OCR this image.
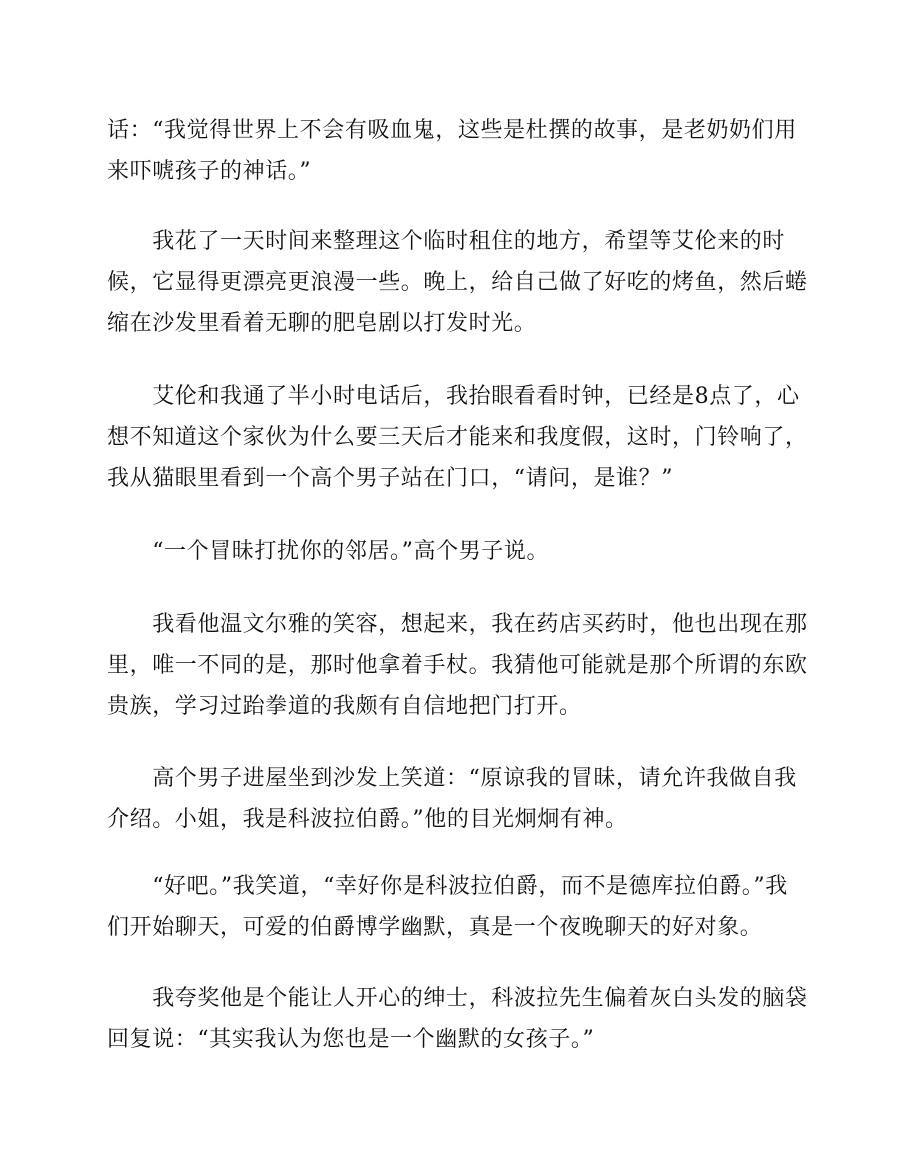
话：“我觉得世界上不会有吸血鬼，这些是杜撰的故事，是老奶奶们用
来吓唬孩子的神话。”

　　我花了一天时间来整理这个临时租住的地方，希望等艾伦来的时
候，它显得更漂亮更浪漫一些。晚上，给自己做了好吃的烤鱼，然后蜷
缩在沙发里看着无聊的肥皂剧以打发时光。

　　艾伦和我通了半小时电话后，我抬眼看看时钟，已经是8点了，心
想不知道这个家伙为什么要三天后才能来和我度假，这时，门铃响了，
我从猫眼里看到一个高个男子站在门口，“请问，是谁？”

　　“一个冒昧打扰你的邻居。”高个男子说。

　　我看他温文尔雅的笑容，想起来，我在药店买药时，他也出现在那
里，唯一不同的是，那时他拿着手杖。我猜他可能就是那个所谓的东欧
贵族，学习过跆拳道的我颇有自信地把门打开。

　　高个男子进屋坐到沙发上笑道：“原谅我的冒昧，请允许我做自我
介绍。小姐，我是科波拉伯爵。”他的目光炯炯有神。

　　“好吧。”我笑道，“幸好你是科波拉伯爵，而不是德库拉伯爵。”我
们开始聊天，可爱的伯爵博学幽默，真是一个夜晚聊天的好对象。

　　我夸奖他是个能让人开心的绅士，科波拉先生偏着灰白头发的脑袋
回复说：“其实我认为您也是一个幽默的女孩子。”
